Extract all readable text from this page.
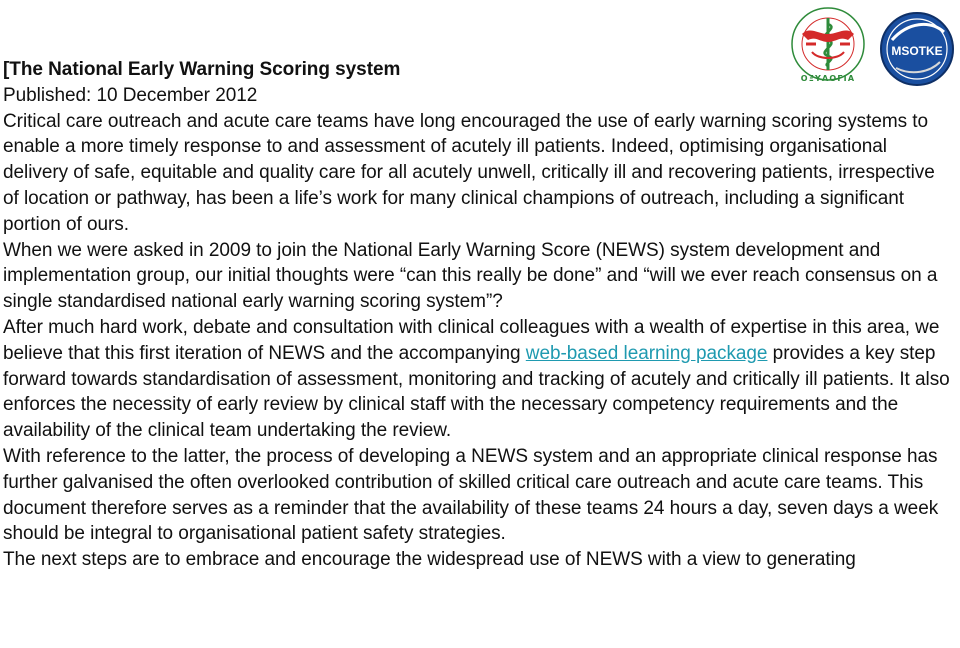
ΟΞΥΛΟΓΙΑ
MSOTKE

[The National Early Warning Scoring system

Published: 10 December 2012

Critical care outreach and acute care teams have long encouraged the use of early warning scoring systems to enable a more timely response to and assessment of acutely ill patients. Indeed, optimising organisational delivery of safe, equitable and quality care for all acutely unwell, critically ill and recovering patients, irrespective of location or pathway, has been a life’s work for many clinical champions of outreach, including a significant portion of ours.

When we were asked in 2009 to join the National Early Warning Score (NEWS) system development and implementation group, our initial thoughts were “can this really be done” and “will we ever reach consensus on a single standardised national early warning scoring system”?

After much hard work, debate and consultation with clinical colleagues with a wealth of expertise in this area, we believe that this first iteration of NEWS and the accompanying web-based learning package provides a key step forward towards standardisation of assessment, monitoring and tracking of acutely and critically ill patients. It also enforces the necessity of early review by clinical staff with the necessary competency requirements and the availability of the clinical team undertaking the review.

With reference to the latter, the process of developing a NEWS system and an appropriate clinical response has further galvanised the often overlooked contribution of skilled critical care outreach and acute care teams. This document therefore serves as a reminder that the availability of these teams 24 hours a day, seven days a week should be integral to organisational patient safety strategies.

The next steps are to embrace and encourage the widespread use of NEWS with a view to generating
